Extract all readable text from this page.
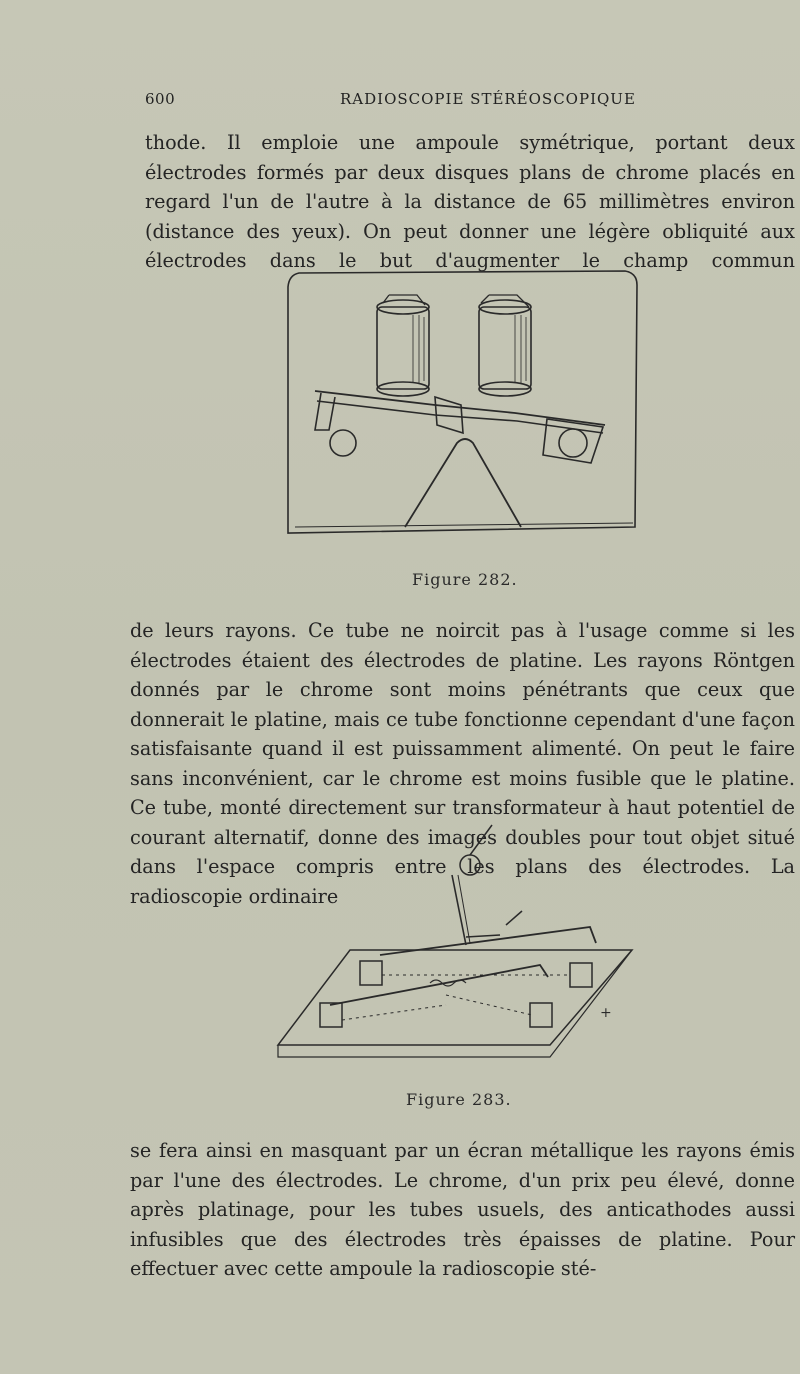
600	RADIOSCOPIE STÉRÉOSCOPIQUE

thode. Il emploie une ampoule symétrique, portant deux électrodes formés par deux disques plans de chrome placés en regard l'un de l'autre à la distance de 65 millimètres environ (distance des yeux). On peut donner une légère obliquité aux électrodes dans le but d'augmenter le champ commun

Figure 282.

de leurs rayons. Ce tube ne noircit pas à l'usage comme si les électrodes étaient des électrodes de platine. Les rayons Röntgen donnés par le chrome sont moins pénétrants que ceux que donnerait le platine, mais ce tube fonctionne cependant d'une façon satisfaisante quand il est puissamment alimenté. On peut le faire sans inconvénient, car le chrome est moins fusible que le platine. Ce tube, monté directement sur transformateur à haut potentiel de courant alternatif, donne des images doubles pour tout objet situé dans l'espace compris entre les plans des électrodes. La radioscopie ordinaire

+
Figure 283.

se fera ainsi en masquant par un écran métallique les rayons émis par l'une des électrodes. Le chrome, d'un prix peu élevé, donne après platinage, pour les tubes usuels, des anticathodes aussi infusibles que des électrodes très épaisses de platine. Pour effectuer avec cette ampoule la radioscopie sté-
